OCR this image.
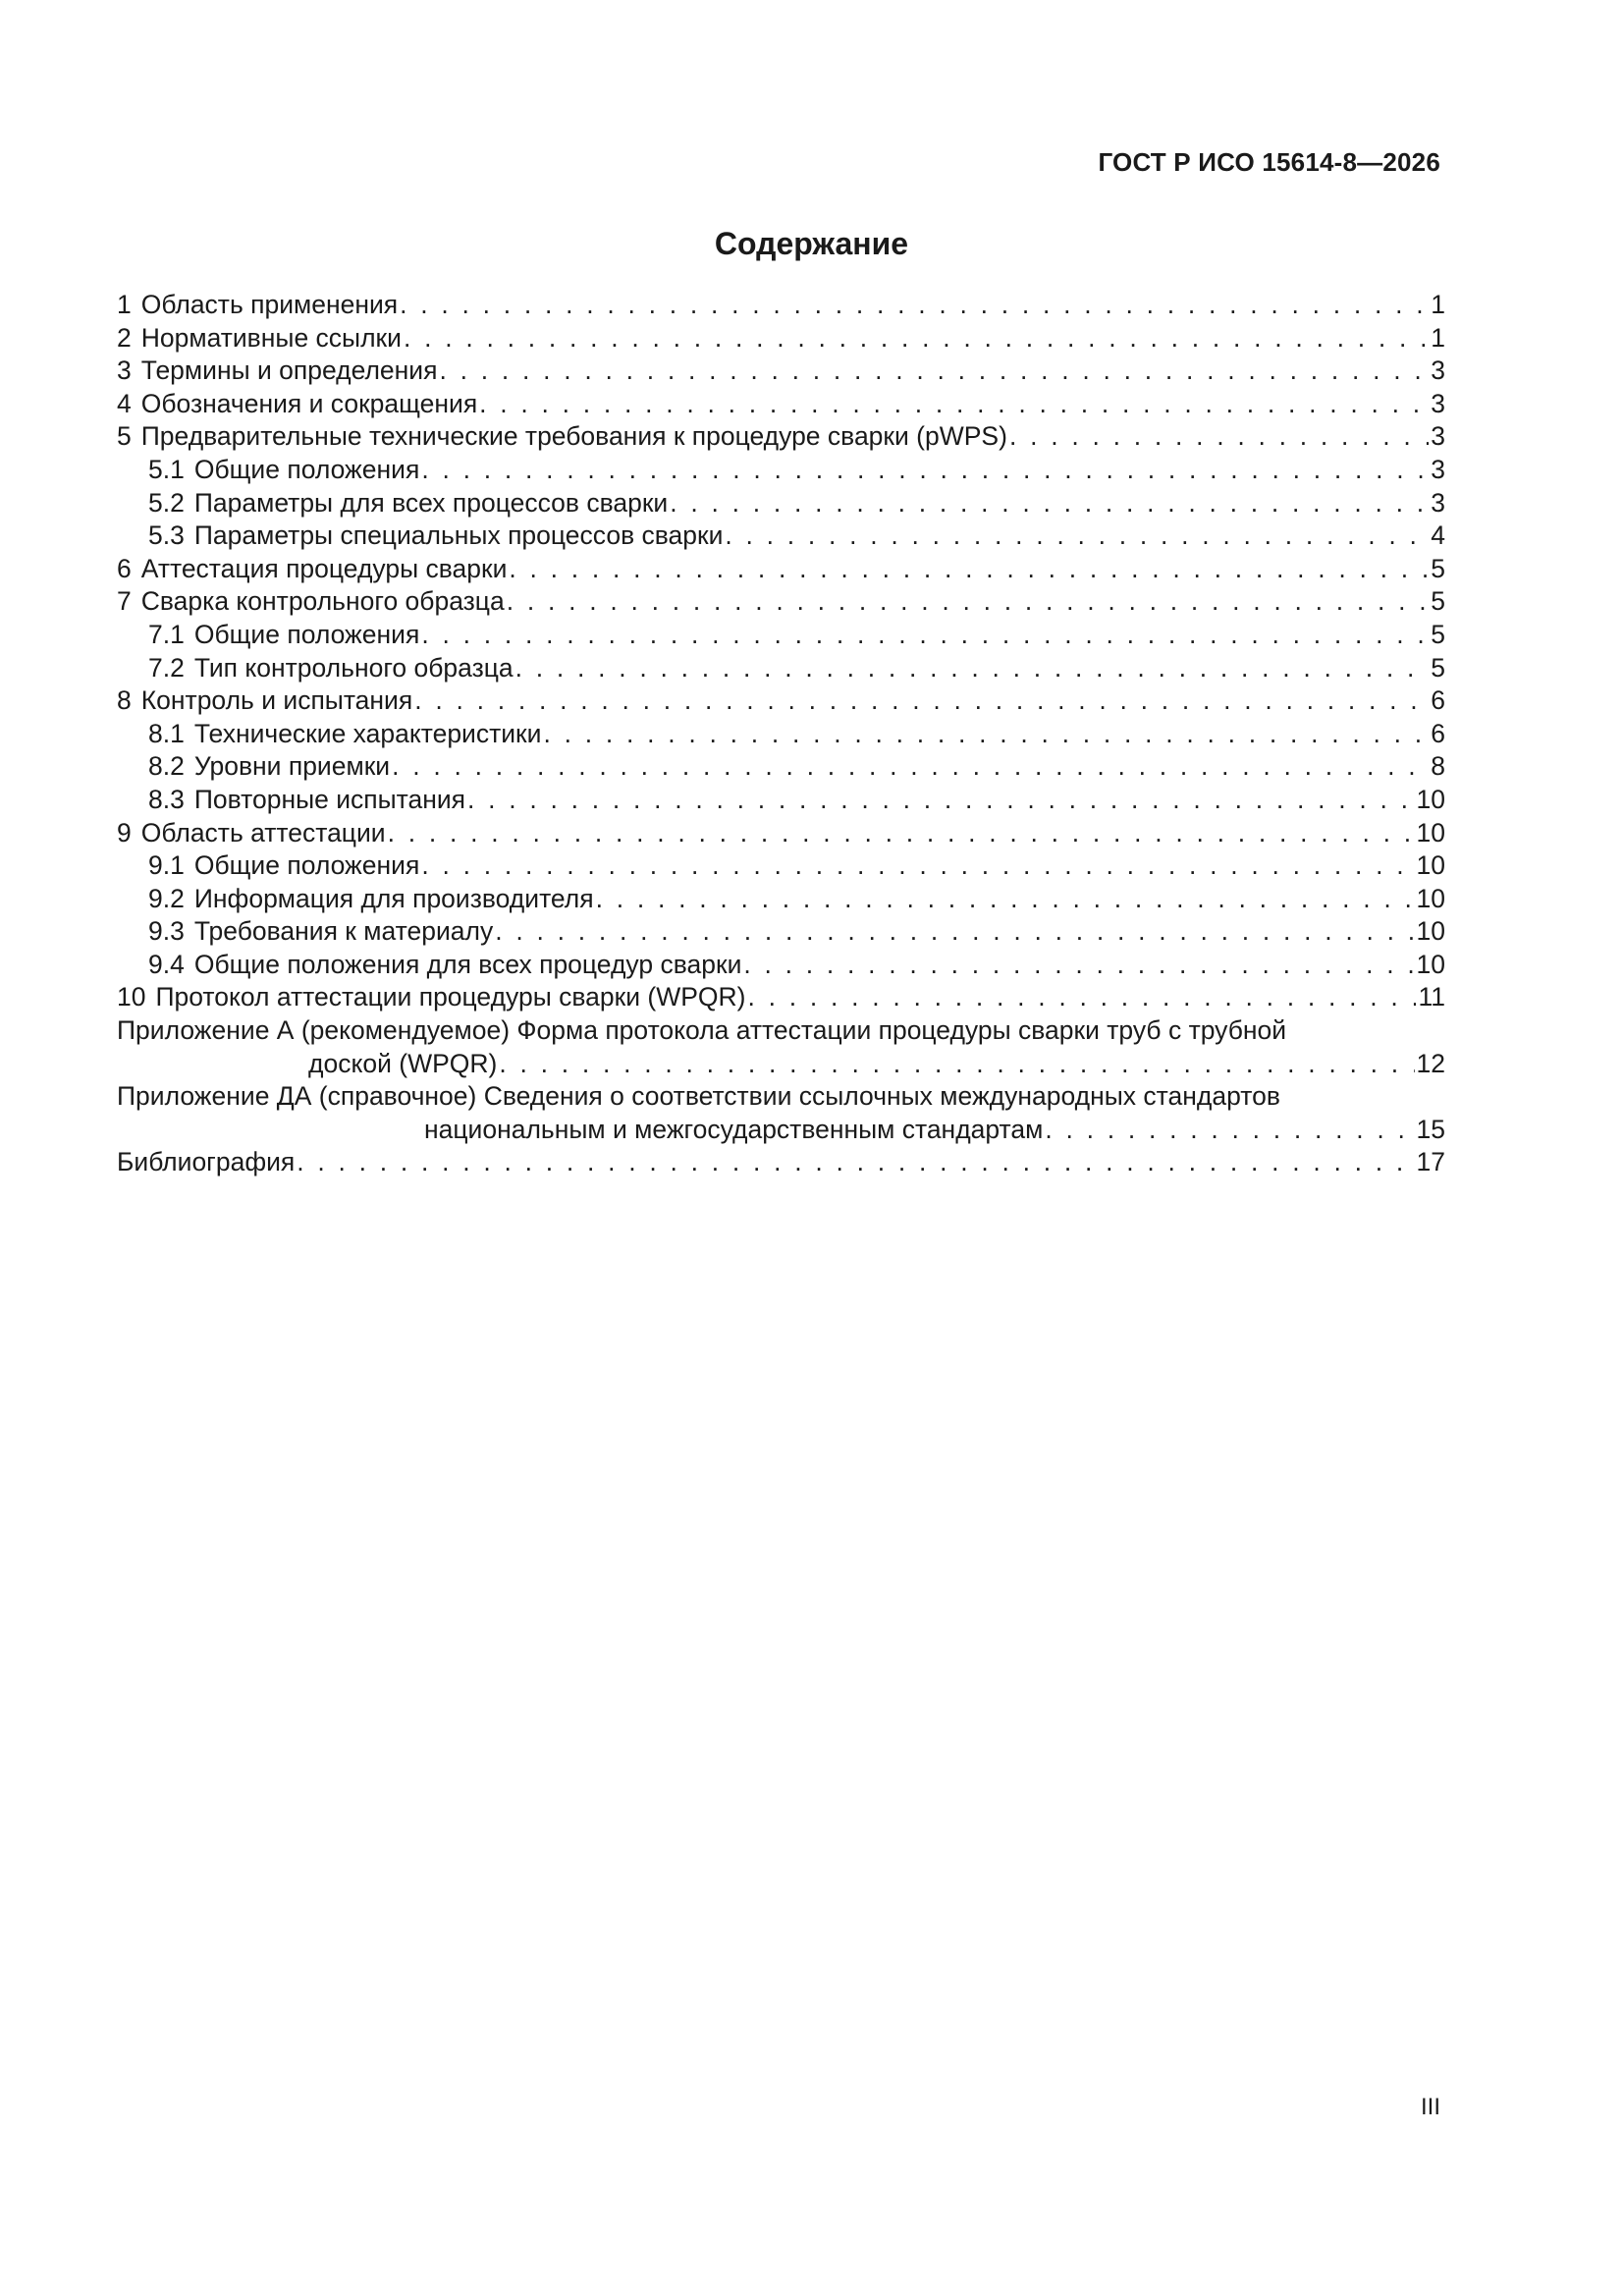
ГОСТ Р ИСО 15614-8—2026
Содержание
1 Область применения . . .	1
2 Нормативные ссылки . . .	1
3 Термины и определения . . .	3
4 Обозначения и сокращения . . .	3
5 Предварительные технические требования к процедуре сварки (pWPS) . . .	3
5.1 Общие положения . . .	3
5.2 Параметры для всех процессов сварки . . .	3
5.3 Параметры специальных процессов сварки . . .	4
6 Аттестация процедуры сварки . . .	5
7 Сварка контрольного образца . . .	5
7.1 Общие положения . . .	5
7.2 Тип контрольного образца . . .	5
8 Контроль и испытания . . .	6
8.1 Технические характеристики . . .	6
8.2 Уровни приемки . . .	8
8.3 Повторные испытания . . .	10
9 Область аттестации . . .	10
9.1 Общие положения . . .	10
9.2 Информация для производителя . . .	10
9.3 Требования к материалу . . .	10
9.4 Общие положения для всех процедур сварки . . .	10
10 Протокол аттестации процедуры сварки (WPQR) . . .	11
Приложение А (рекомендуемое) Форма протокола аттестации процедуры сварки труб с трубной
доской (WPQR) . . .	12
Приложение ДА (справочное) Сведения о соответствии ссылочных международных стандартов
национальным и межгосударственным стандартам . . .	15
Библиография . . .	17
III
